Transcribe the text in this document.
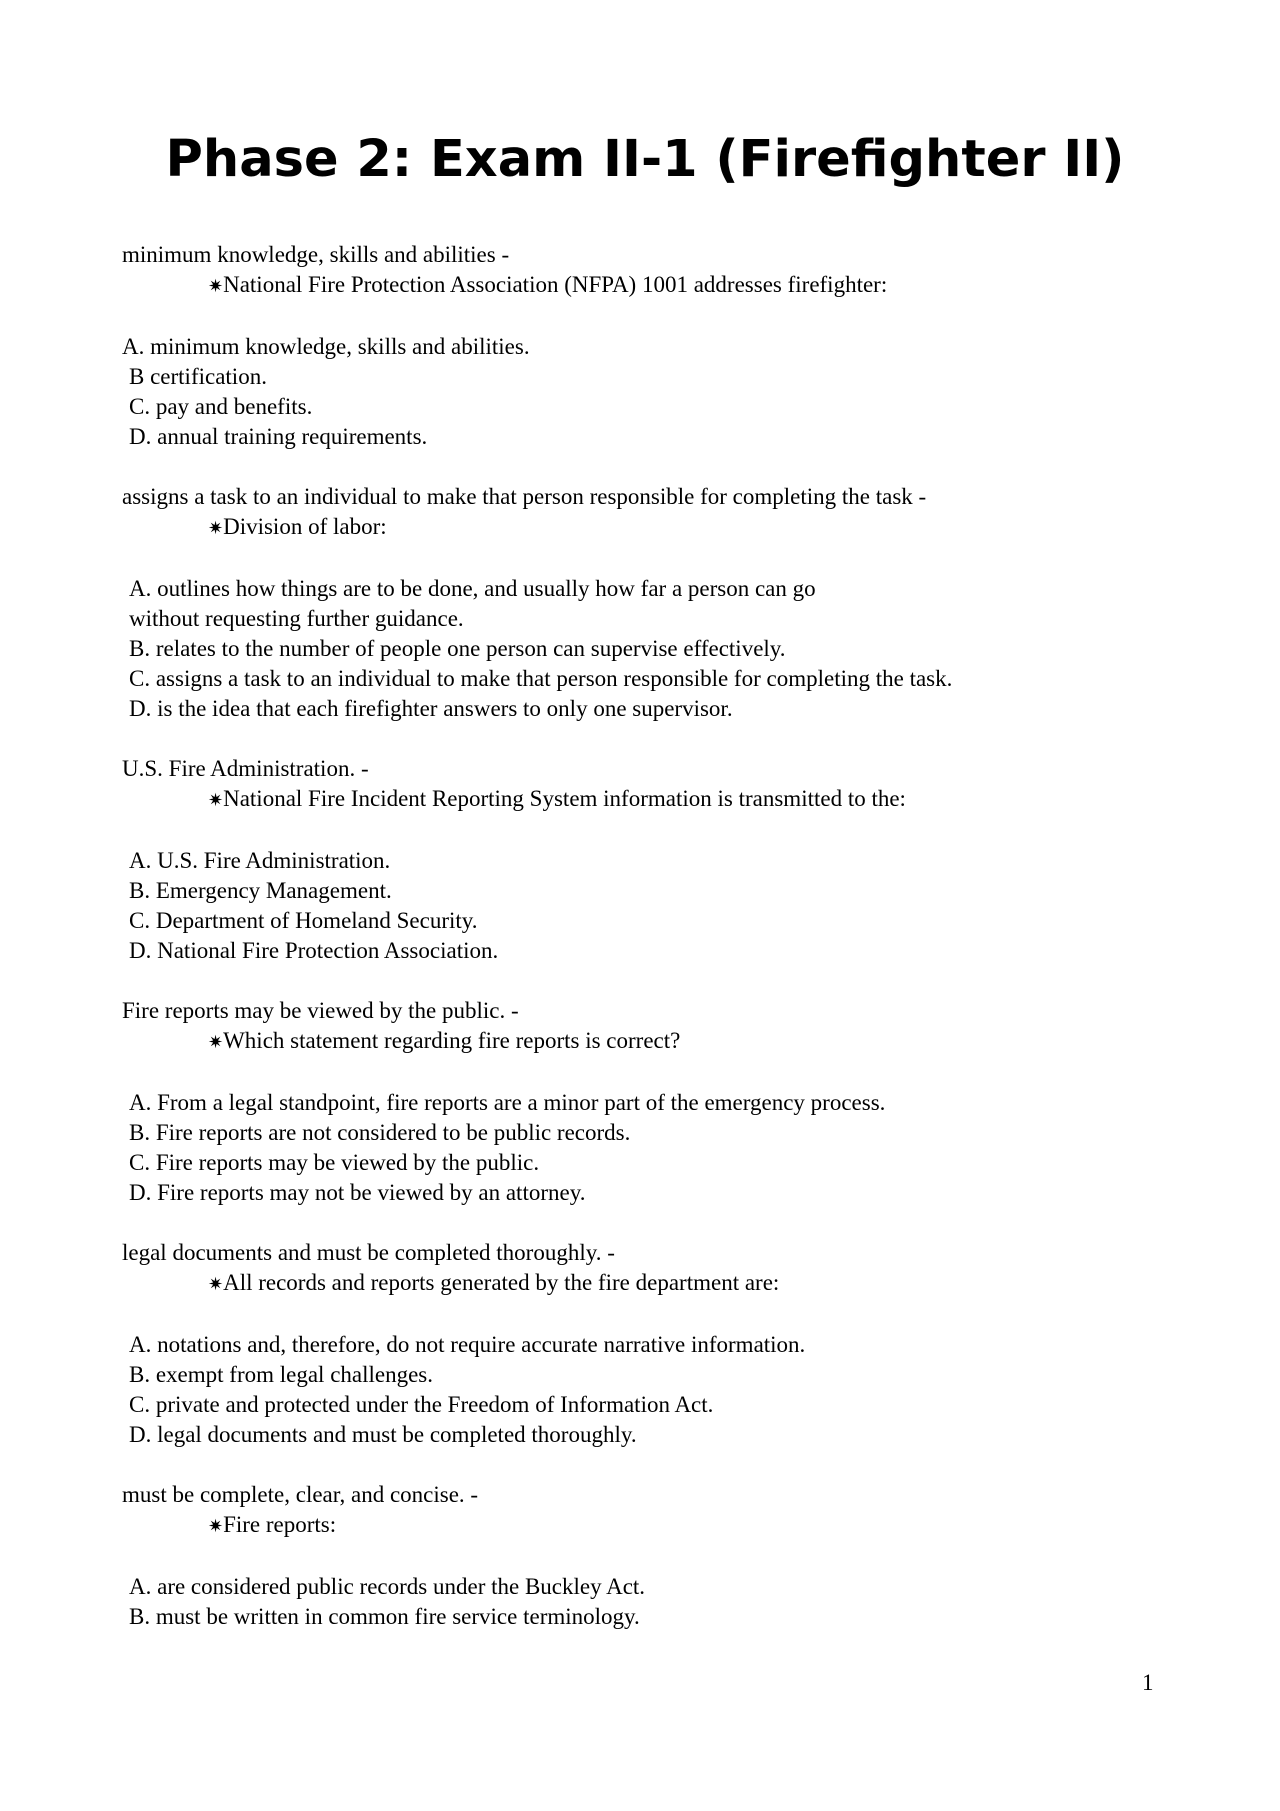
Phase 2: Exam II-1 (Firefighter II)
minimum knowledge, skills and abilities -
✷National Fire Protection Association (NFPA) 1001 addresses firefighter:
A. minimum knowledge, skills and abilities.
B certification.
C. pay and benefits.
D. annual training requirements.
assigns a task to an individual to make that person responsible for completing the task -
✷Division of labor:
A. outlines how things are to be done, and usually how far a person can go
without requesting further guidance.
B. relates to the number of people one person can supervise effectively.
C. assigns a task to an individual to make that person responsible for completing the task.
D. is the idea that each firefighter answers to only one supervisor.
U.S. Fire Administration. -
✷National Fire Incident Reporting System information is transmitted to the:
A. U.S. Fire Administration.
B. Emergency Management.
C. Department of Homeland Security.
D. National Fire Protection Association.
Fire reports may be viewed by the public. -
✷Which statement regarding fire reports is correct?
A. From a legal standpoint, fire reports are a minor part of the emergency process.
B. Fire reports are not considered to be public records.
C. Fire reports may be viewed by the public.
D. Fire reports may not be viewed by an attorney.
legal documents and must be completed thoroughly. -
✷All records and reports generated by the fire department are:
A. notations and, therefore, do not require accurate narrative information.
B. exempt from legal challenges.
C. private and protected under the Freedom of Information Act.
D. legal documents and must be completed thoroughly.
must be complete, clear, and concise. -
✷Fire reports:
A. are considered public records under the Buckley Act.
B. must be written in common fire service terminology.
1
